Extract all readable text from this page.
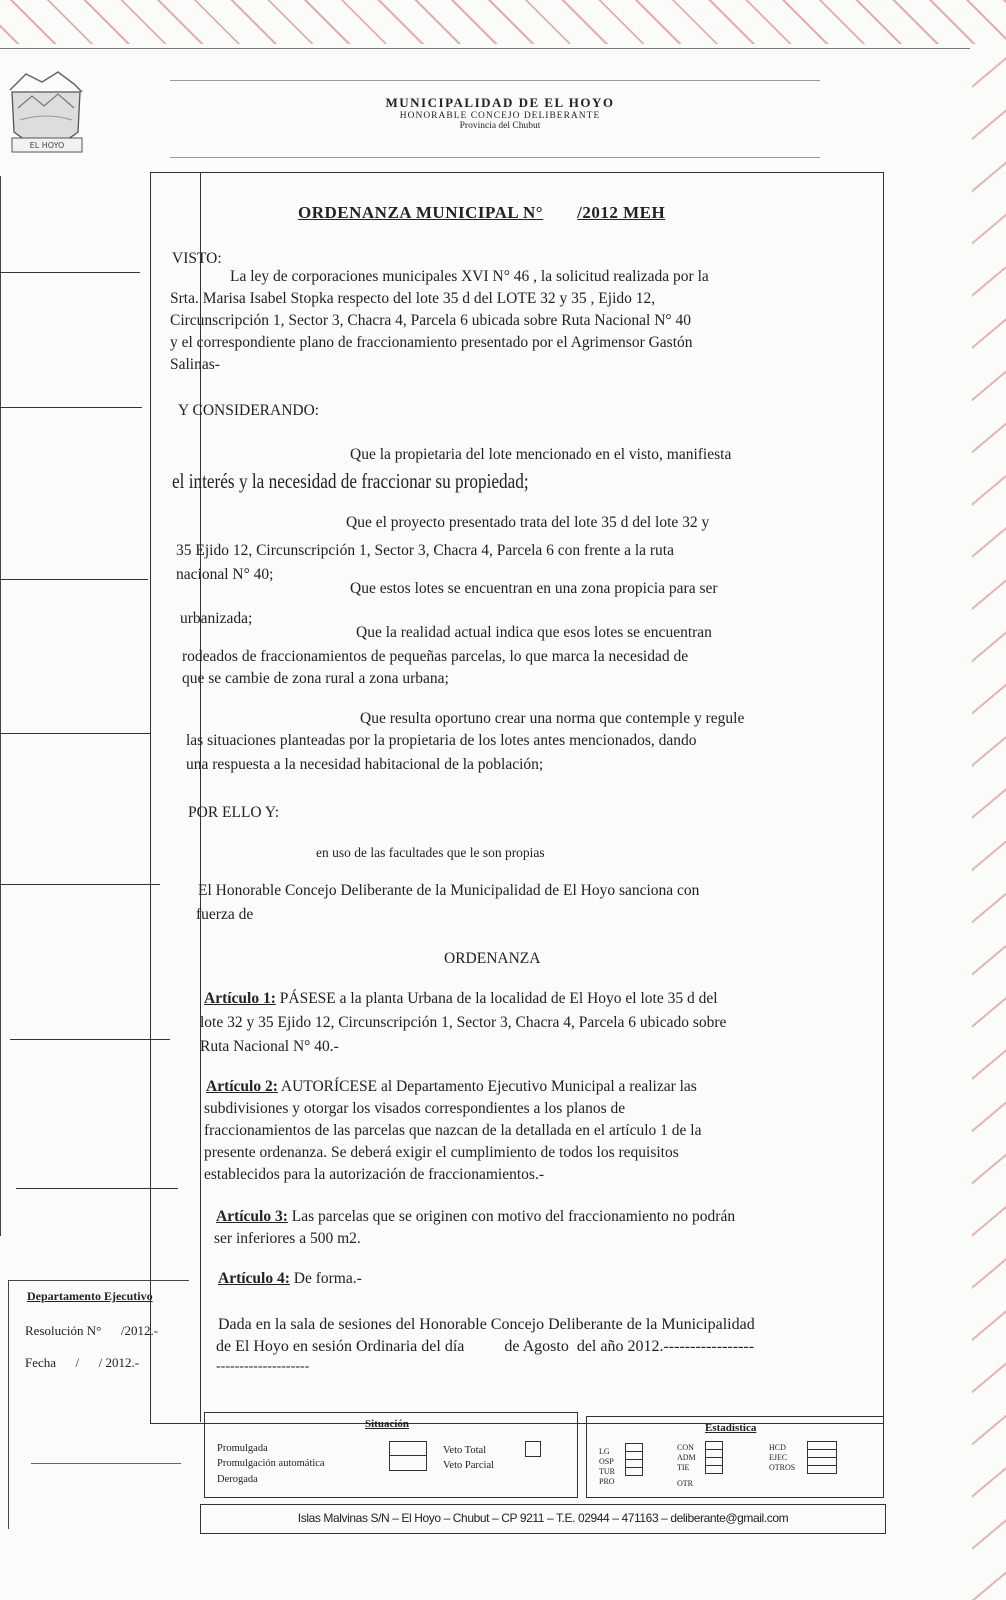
EL HOYO
MUNICIPALIDAD DE EL HOYO
HONORABLE CONCEJO DELIBERANTE
Provincia del Chubut
ORDENANZA MUNICIPAL N° /2012 MEH
VISTO:
La ley de corporaciones municipales XVI N° 46 , la solicitud realizada por la
Srta. Marisa Isabel Stopka respecto del lote 35 d del LOTE 32 y 35 , Ejido 12,
Circunscripción 1, Sector 3, Chacra 4, Parcela 6 ubicada sobre Ruta Nacional N° 40
y el correspondiente plano de fraccionamiento presentado por el Agrimensor Gastón
Salinas-
Y CONSIDERANDO:
Que la propietaria del lote mencionado en el visto, manifiesta
el interés y la necesidad de fraccionar su propiedad;
Que el proyecto presentado trata del lote 35 d del lote 32 y
35 Ejido 12, Circunscripción 1, Sector 3, Chacra 4, Parcela 6 con frente a la ruta
nacional N° 40;
Que estos lotes se encuentran en una zona propicia para ser
urbanizada;
Que la realidad actual indica que esos lotes se encuentran
rodeados de fraccionamientos de pequeñas parcelas, lo que marca la necesidad de
que se cambie de zona rural a zona urbana;
Que resulta oportuno crear una norma que contemple y regule
las situaciones planteadas por la propietaria de los lotes antes mencionados, dando
una respuesta a la necesidad habitacional de la población;
POR ELLO Y:
en uso de las facultades que le son propias
El Honorable Concejo Deliberante de la Municipalidad de El Hoyo sanciona con
fuerza de
ORDENANZA
Artículo 1: PÁSESE a la planta Urbana de la localidad de El Hoyo el lote 35 d del
lote 32 y 35 Ejido 12, Circunscripción 1, Sector 3, Chacra 4, Parcela 6 ubicado sobre
Ruta Nacional N° 40.-
Artículo 2: AUTORÍCESE al Departamento Ejecutivo Municipal a realizar las
subdivisiones y otorgar los visados correspondientes a los planos de
fraccionamientos de las parcelas que nazcan de la detallada en el artículo 1 de la
presente ordenanza. Se deberá exigir el cumplimiento de todos los requisitos
establecidos para la autorización de fraccionamientos.-
Artículo 3: Las parcelas que se originen con motivo del fraccionamiento no podrán
ser inferiores a 500 m2.
Artículo 4: De forma.-
Dada en la sala de sesiones del Honorable Concejo Deliberante de la Municipalidad
de El Hoyo en sesión Ordinaria del día          de Agosto  del año 2012.-----------------
--------------------
Departamento Ejecutivo
Resolución N°      /2012.-
Fecha      /      / 2012.-
Situación
Promulgada
Promulgación automática
Derogada
Veto Total
Veto Parcial
Estadística
LG
OSP
TUR
PRO
CON
ADM
TIE
OTR
HCD
EJEC
OTROS
Islas Malvinas S/N – El Hoyo – Chubut – CP 9211 – T.E. 02944 – 471163 – deliberante@gmail.com
